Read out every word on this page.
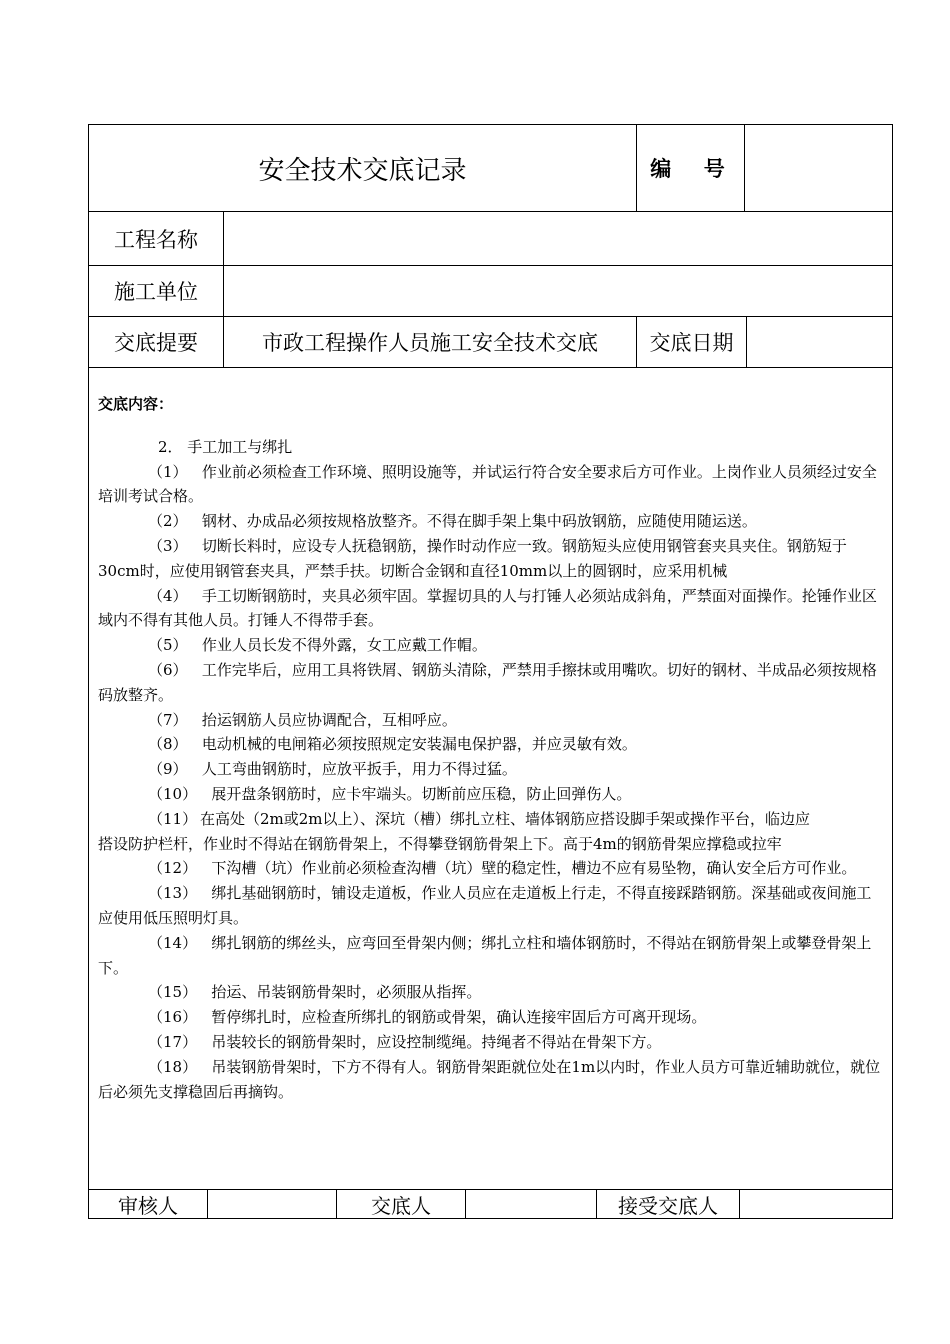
安全技术交底记录	编  号
工程名称
施工单位
交底提要	市政工程操作人员施工安全技术交底	交底日期
交底内容：
2． 手工加工与绑扎
（1） 作业前必须检查工作环境、照明设施等，并试运行符合安全要求后方可作业。上岗作业人员须经过安全培训考试合格。
（2） 钢材、办成品必须按规格放整齐。不得在脚手架上集中码放钢筋，应随使用随运送。
（3） 切断长料时，应设专人抚稳钢筋，操作时动作应一致。钢筋短头应使用钢管套夹具夹住。钢筋短于30cm时，应使用钢管套夹具，严禁手扶。切断合金钢和直径10mm以上的圆钢时，应采用机械
（4） 手工切断钢筋时，夹具必须牢固。掌握切具的人与打锤人必须站成斜角，严禁面对面操作。抡锤作业区域内不得有其他人员。打锤人不得带手套。
（5） 作业人员长发不得外露，女工应戴工作帽。
（6） 工作完毕后，应用工具将铁屑、钢筋头清除，严禁用手擦抹或用嘴吹。切好的钢材、半成品必须按规格码放整齐。
（7） 抬运钢筋人员应协调配合，互相呼应。
（8） 电动机械的电闸箱必须按照规定安装漏电保护器，并应灵敏有效。
（9） 人工弯曲钢筋时，应放平扳手，用力不得过猛。
（10） 展开盘条钢筋时，应卡牢端头。切断前应压稳，防止回弹伤人。
（11） 在高处（2m或2m以上）、深坑（槽）绑扎立柱、墙体钢筋应搭设脚手架或操作平台，临边应
搭设防护栏杆，作业时不得站在钢筋骨架上，不得攀登钢筋骨架上下。高于4m的钢筋骨架应撑稳或拉牢
（12） 下沟槽（坑）作业前必须检查沟槽（坑）壁的稳定性，槽边不应有易坠物，确认安全后方可作业。
（13） 绑扎基础钢筋时，铺设走道板，作业人员应在走道板上行走，不得直接踩踏钢筋。深基础或夜间施工应使用低压照明灯具。
（14） 绑扎钢筋的绑丝头，应弯回至骨架内侧；绑扎立柱和墙体钢筋时，不得站在钢筋骨架上或攀登骨架上下。
（15） 抬运、吊装钢筋骨架时，必须服从指挥。
（16） 暂停绑扎时，应检查所绑扎的钢筋或骨架，确认连接牢固后方可离开现场。
（17） 吊装较长的钢筋骨架时，应设控制缆绳。持绳者不得站在骨架下方。
（18） 吊装钢筋骨架时，下方不得有人。钢筋骨架距就位处在1m以内时，作业人员方可靠近辅助就位，就位后必须先支撑稳固后再摘钩。
审核人	交底人	接受交底人
